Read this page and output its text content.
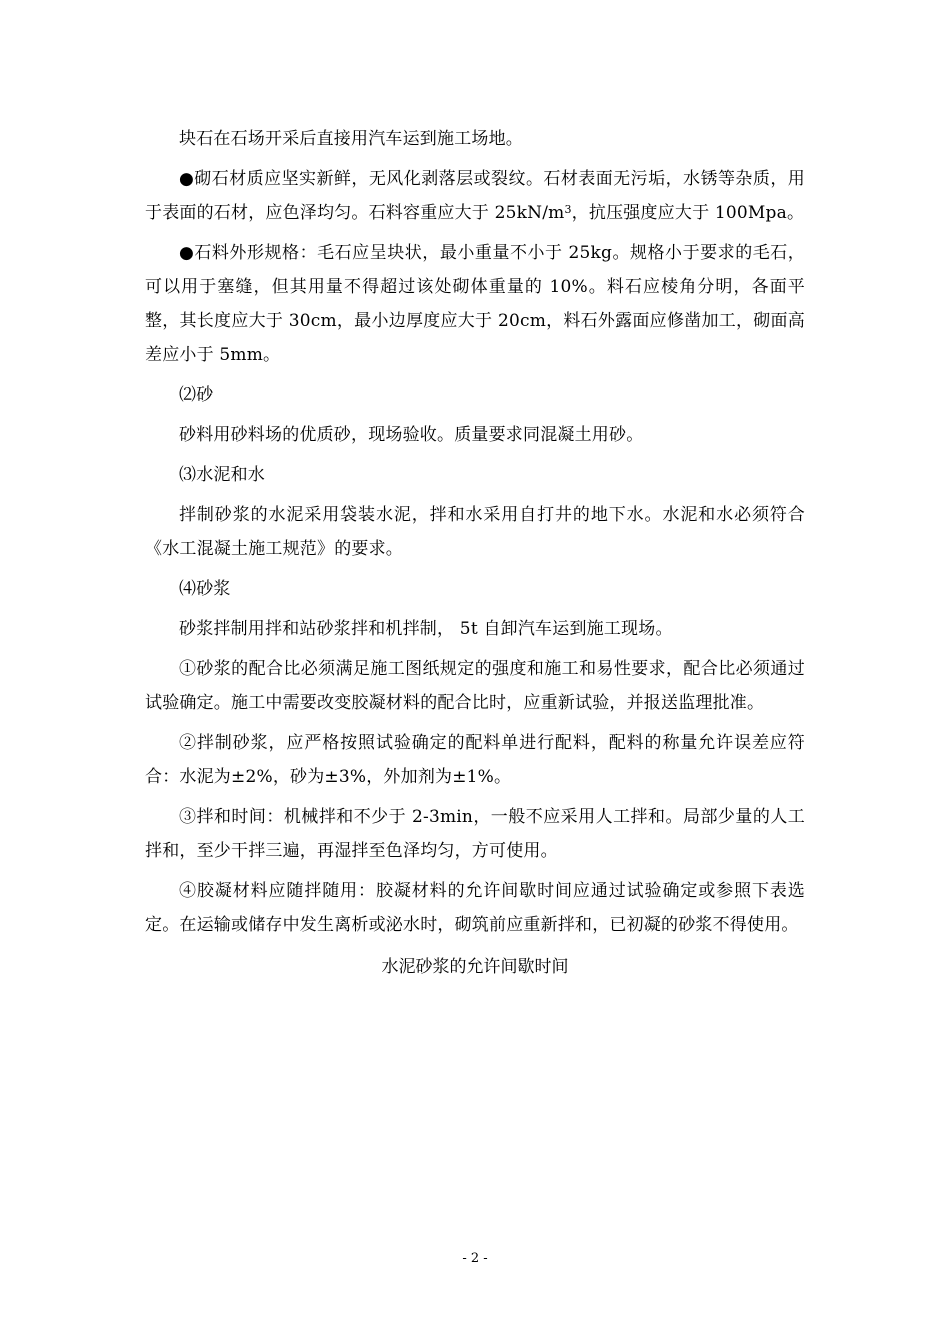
块石在石场开采后直接用汽车运到施工场地。

●砌石材质应坚实新鲜，无风化剥落层或裂纹。石材表面无污垢，水锈等杂质，用于表面的石材，应色泽均匀。石料容重应大于 $25kN/m^3$，抗压强度应大于 100Mpa。

●石料外形规格：毛石应呈块状，最小重量不小于 25kg。规格小于要求的毛石，可以用于塞缝，但其用量不得超过该处砌体重量的 10%。料石应棱角分明，各面平整，其长度应大于 30cm，最小边厚度应大于 20cm，料石外露面应修凿加工，砌面高差应小于 5mm。

⑵砂

砂料用砂料场的优质砂，现场验收。质量要求同混凝土用砂。

⑶水泥和水

拌制砂浆的水泥采用袋装水泥，拌和水采用自打井的地下水。水泥和水必须符合《水工混凝土施工规范》的要求。

⑷砂浆

砂浆拌制用拌和站砂浆拌和机拌制， 5t 自卸汽车运到施工现场。

①砂浆的配合比必须满足施工图纸规定的强度和施工和易性要求，配合比必须通过试验确定。施工中需要改变胶凝材料的配合比时，应重新试验，并报送监理批准。

②拌制砂浆，应严格按照试验确定的配料单进行配料，配料的称量允许误差应符合：水泥为±2%，砂为±3%，外加剂为±1%。

③拌和时间：机械拌和不少于 2-3min，一般不应采用人工拌和。局部少量的人工拌和，至少干拌三遍，再湿拌至色泽均匀，方可使用。

④胶凝材料应随拌随用：胶凝材料的允许间歇时间应通过试验确定或参照下表选定。在运输或储存中发生离析或泌水时，砌筑前应重新拌和，已初凝的砂浆不得使用。

水泥砂浆的允许间歇时间
- 2 -
